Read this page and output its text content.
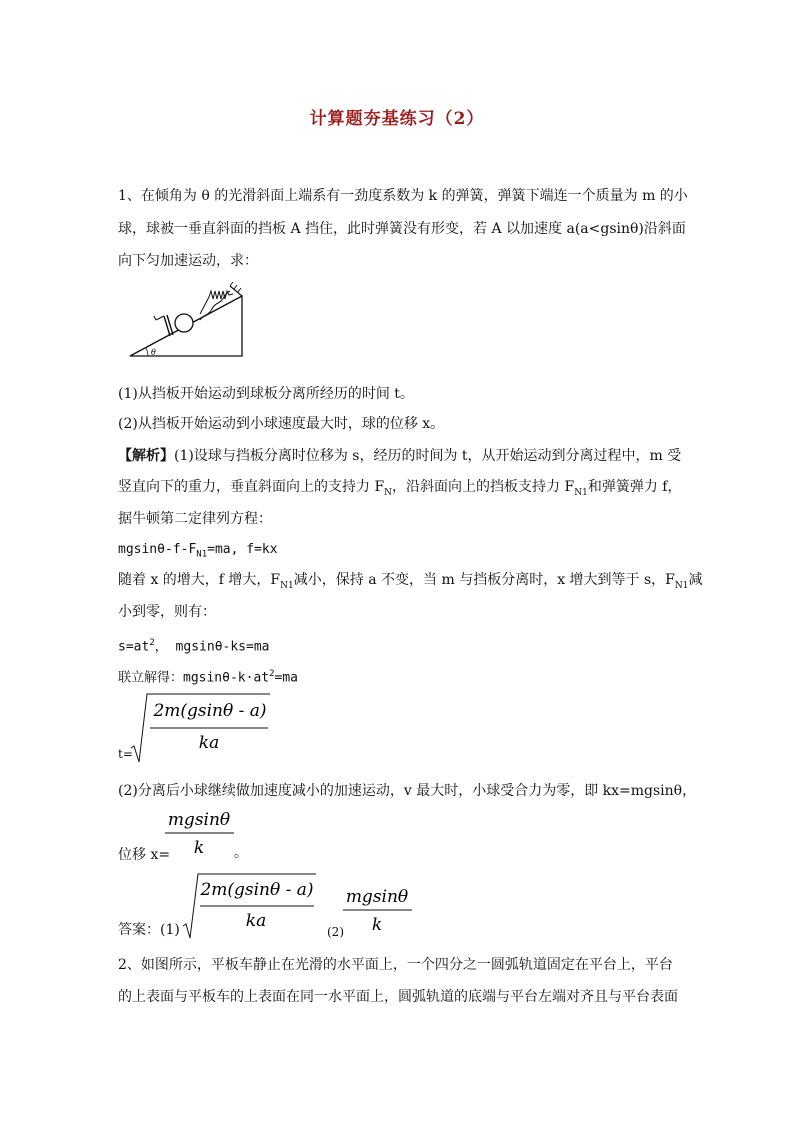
计算题夯基练习（2）
1、在倾角为 θ 的光滑斜面上端系有一劲度系数为 k 的弹簧，弹簧下端连一个质量为 m 的小
球，球被一垂直斜面的挡板 A 挡住，此时弹簧没有形变，若 A 以加速度 a(a<gsinθ)沿斜面
向下匀加速运动，求：
θ
(1)从挡板开始运动到球板分离所经历的时间 t。
(2)从挡板开始运动到小球速度最大时，球的位移 x。
【解析】(1)设球与挡板分离时位移为 s，经历的时间为 t，从开始运动到分离过程中，m 受
竖直向下的重力，垂直斜面向上的支持力 $F_N$，沿斜面向上的挡板支持力 $F_{N1}$和弹簧弹力 f，
据牛顿第二定律列方程：
mgsinθ-$f-F_{N1}=ma$, f=kx
随着 x 的增大，f 增大，$F_{N1}$减小，保持 a 不变，当 m 与挡板分离时，x 增大到等于 s，$F_{N1}$减
小到零，则有：
$s=at^2$， mgsinθ-ks=ma
联立解得：mgsinθ-$k\cdot at^2=ma$
t=
2m(gsinθ - a)
ka
(2)分离后小球继续做加速度减小的加速运动，v 最大时，小球受合力为零，即 kx=mgsinθ，
位移 x=
mgsinθ
k 。
答案：(1)
2m(gsinθ - a)
ka
(2)
mgsinθ
k
2、如图所示，平板车静止在光滑的水平面上，一个四分之一圆弧轨道固定在平台上，平台
的上表面与平板车的上表面在同一水平面上，圆弧轨道的底端与平台左端对齐且与平台表面
